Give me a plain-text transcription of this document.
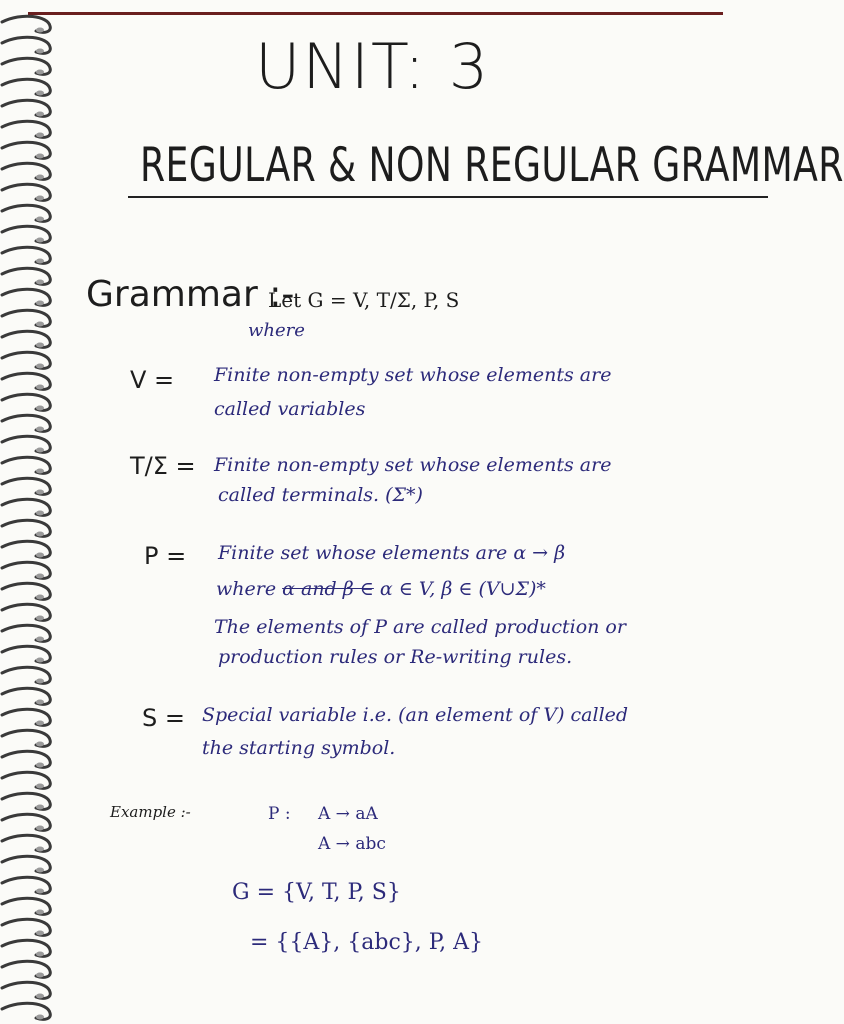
UNIT: 3
REGULAR & NON REGULAR GRAMMAR
Grammar :-
Let G = V, T/Σ, P, S
where
V = Finite non-empty set whose elements are
called variables
T/Σ = Finite non-empty set whose elements are
called terminals. (Σ*)
P = Finite set whose elements are α → β
where α and β ∈ α ∈ V, β ∈ (V∪Σ)*
The elements of P are called production or
production rules or Re-writing rules.
S = Special variable i.e. (an element of V) called
the starting symbol.
Example :-	P : A → aA
A → abc
G = {V, T, P, S}
= {{A}, {abc}, P, A}
